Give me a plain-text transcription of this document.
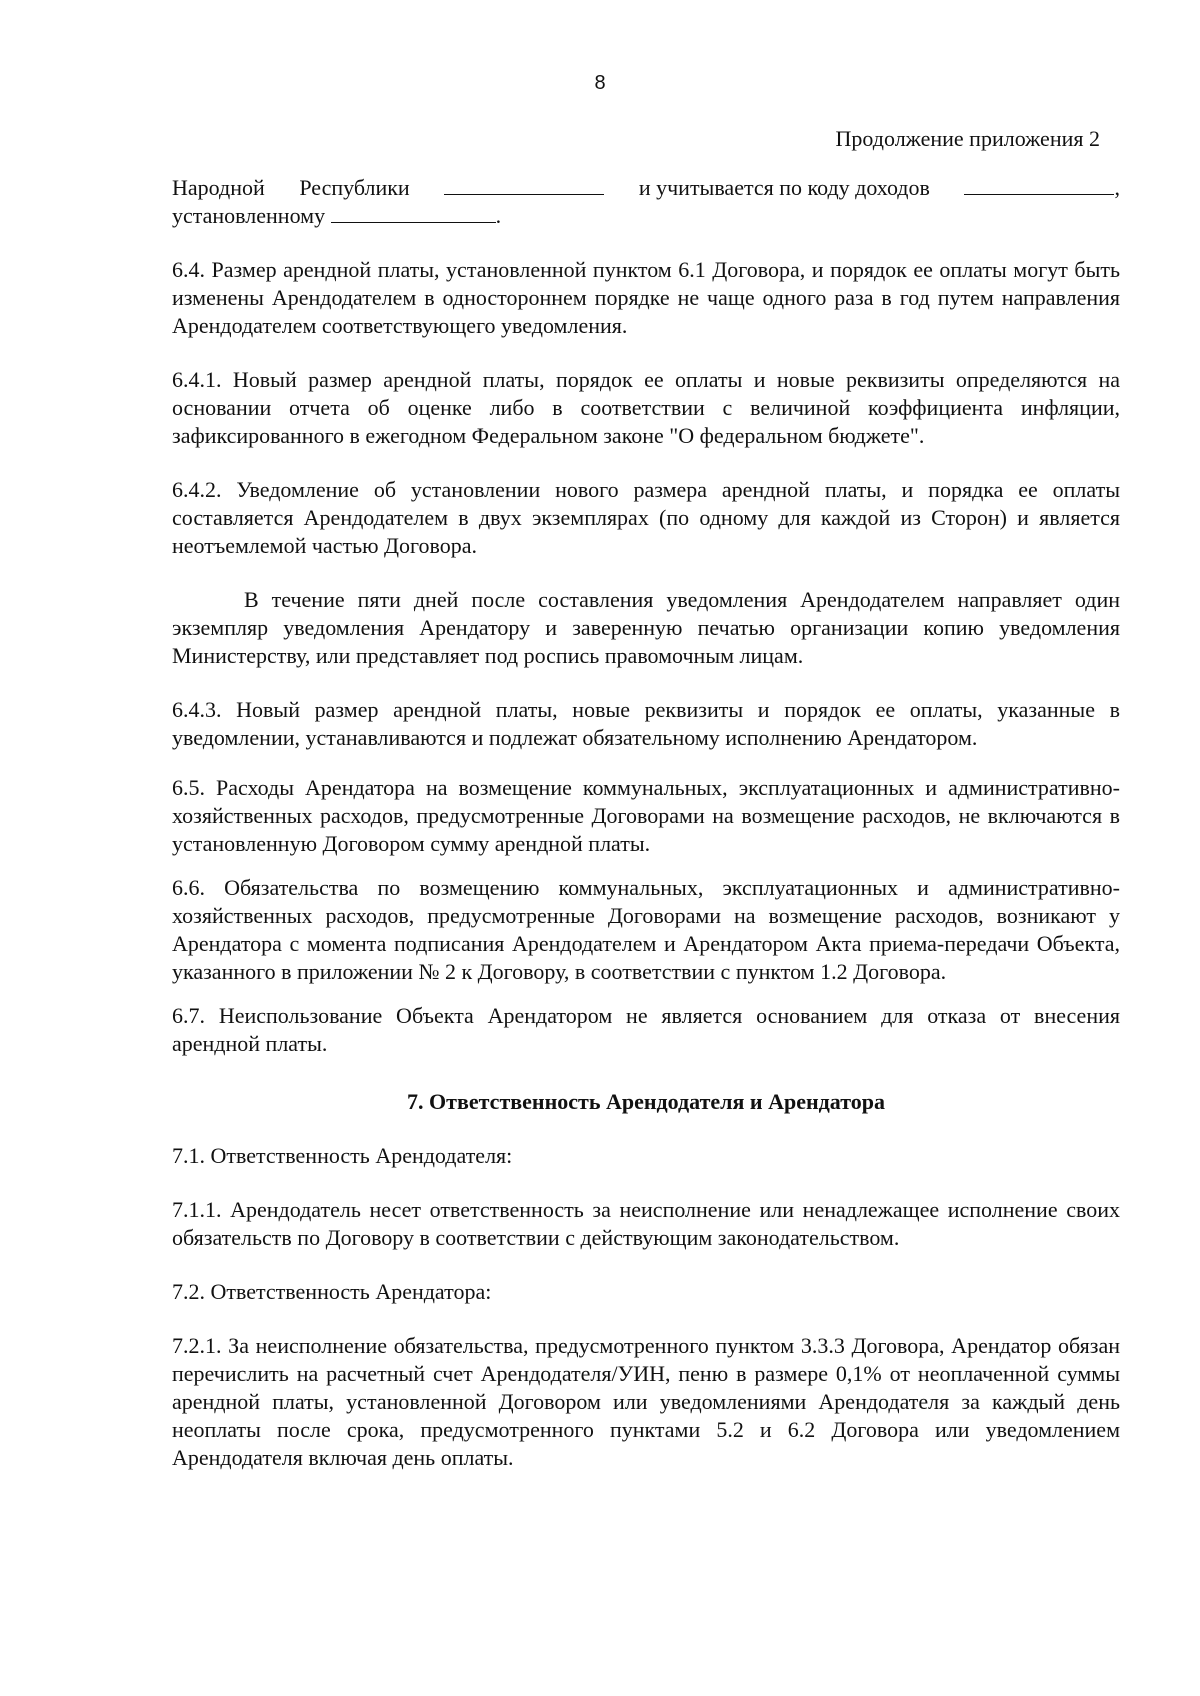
8
Продолжение приложения 2
Народной Республики	и учитывается по коду доходов	,
установленному	.

6.4. Размер арендной платы, установленной пунктом 6.1 Договора, и порядок ее оплаты могут быть изменены Арендодателем в одностороннем порядке не чаще одного раза в год путем направления Арендодателем соответствующего уведомления.

6.4.1. Новый размер арендной платы, порядок ее оплаты и новые реквизиты определяются на основании отчета об оценке либо в соответствии с величиной коэффициента инфляции, зафиксированного в ежегодном Федеральном законе "О федеральном бюджете".

6.4.2. Уведомление об установлении нового размера арендной платы, и порядка ее оплаты составляется Арендодателем в двух экземплярах (по одному для каждой из Сторон) и является неотъемлемой частью Договора.

В течение пяти дней после составления уведомления Арендодателем направляет один экземпляр уведомления Арендатору и заверенную печатью организации копию уведомления Министерству, или представляет под роспись правомочным лицам.

6.4.3. Новый размер арендной платы, новые реквизиты и порядок ее оплаты, указанные в уведомлении, устанавливаются и подлежат обязательному исполнению Арендатором.

6.5. Расходы Арендатора на возмещение коммунальных, эксплуатационных и административно-хозяйственных расходов, предусмотренные Договорами на возмещение расходов, не включаются в установленную Договором сумму арендной платы.

6.6. Обязательства по возмещению коммунальных, эксплуатационных и административно-хозяйственных расходов, предусмотренные Договорами на возмещение расходов, возникают у Арендатора с момента подписания Арендодателем и Арендатором Акта приема-передачи Объекта, указанного в приложении № 2 к Договору, в соответствии с пунктом 1.2 Договора.

6.7. Неиспользование Объекта Арендатором не является основанием для отказа от внесения арендной платы.

7. Ответственность Арендодателя и Арендатора

7.1. Ответственность Арендодателя:

7.1.1. Арендодатель несет ответственность за неисполнение или ненадлежащее исполнение своих обязательств по Договору в соответствии с действующим законодательством.

7.2. Ответственность Арендатора:

7.2.1. За неисполнение обязательства, предусмотренного пунктом 3.3.3 Договора, Арендатор обязан перечислить на расчетный счет Арендодателя/УИН, пеню в размере 0,1% от неоплаченной суммы арендной платы, установленной Договором или уведомлениями Арендодателя за каждый день неоплаты после срока, предусмотренного пунктами 5.2 и 6.2 Договора или уведомлением Арендодателя включая день оплаты.
